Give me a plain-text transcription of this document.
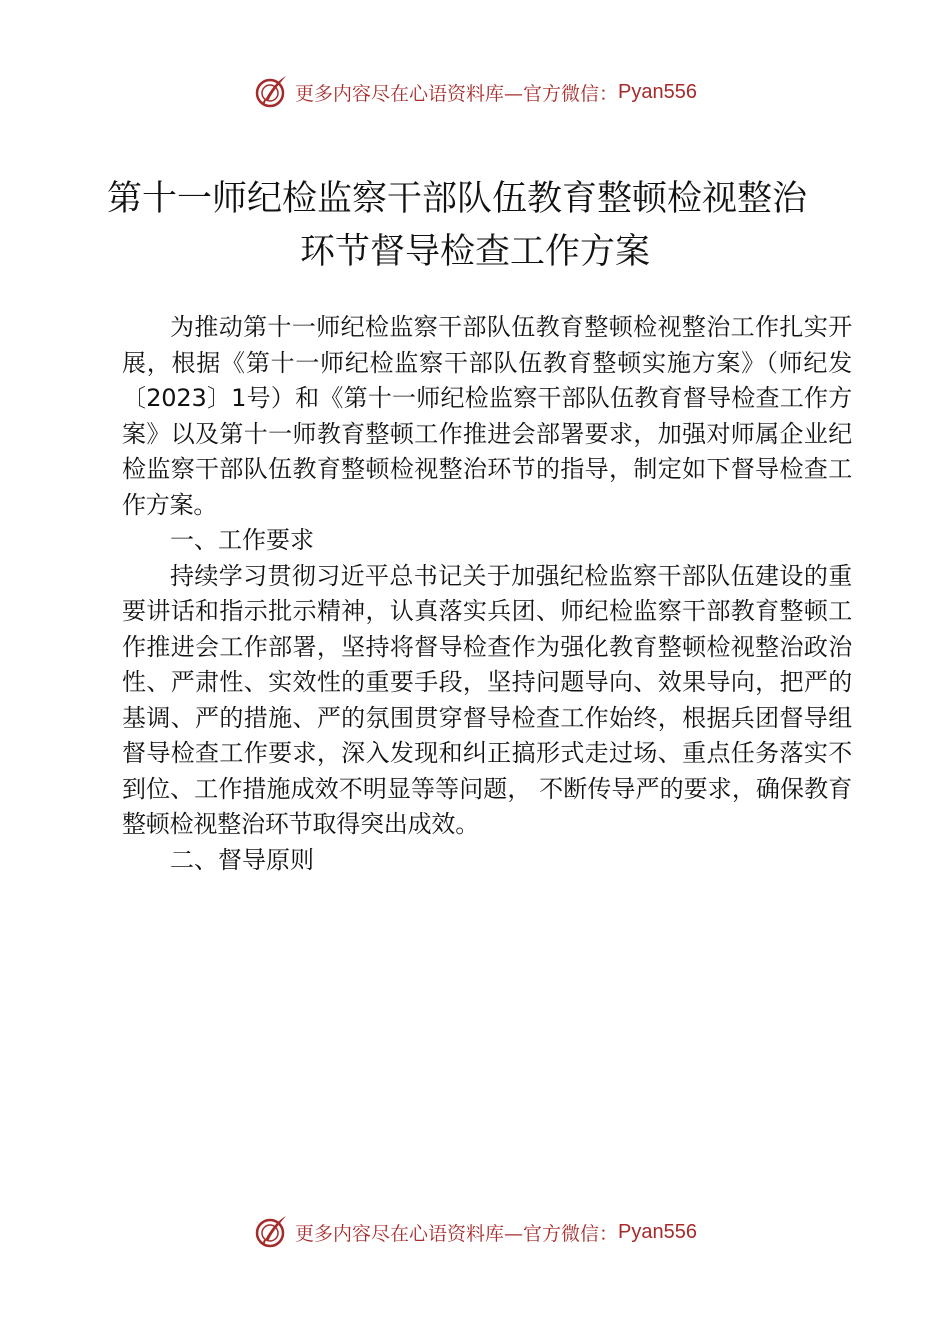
更多内容尽在心语资料库—官方微信： Pyan556
第十一师纪检监察干部队伍教育整顿检视整治
环节督导检查工作方案

为推动第十一师纪检监察干部队伍教育整顿检视整治工作扎实开展，根据《第十一师纪检监察干部队伍教育整顿实施方案》（师纪发〔2023〕1号）和《第十一师纪检监察干部队伍教育督导检查工作方案》以及第十一师教育整顿工作推进会部署要求，加强对师属企业纪检监察干部队伍教育整顿检视整治环节的指导，制定如下督导检查工作方案。

一、工作要求

持续学习贯彻习近平总书记关于加强纪检监察干部队伍建设的重要讲话和指示批示精神，认真落实兵团、师纪检监察干部教育整顿工作推进会工作部署，坚持将督导检查作为强化教育整顿检视整治政治性、严肃性、实效性的重要手段，坚持问题导向、效果导向，把严的基调、严的措施、严的氛围贯穿督导检查工作始终，根据兵团督导组督导检查工作要求，深入发现和纠正搞形式走过场、重点任务落实不到位、工作措施成效不明显等等问题， 不断传导严的要求，确保教育整顿检视整治环节取得突出成效。

二、督导原则

更多内容尽在心语资料库—官方微信： Pyan556
